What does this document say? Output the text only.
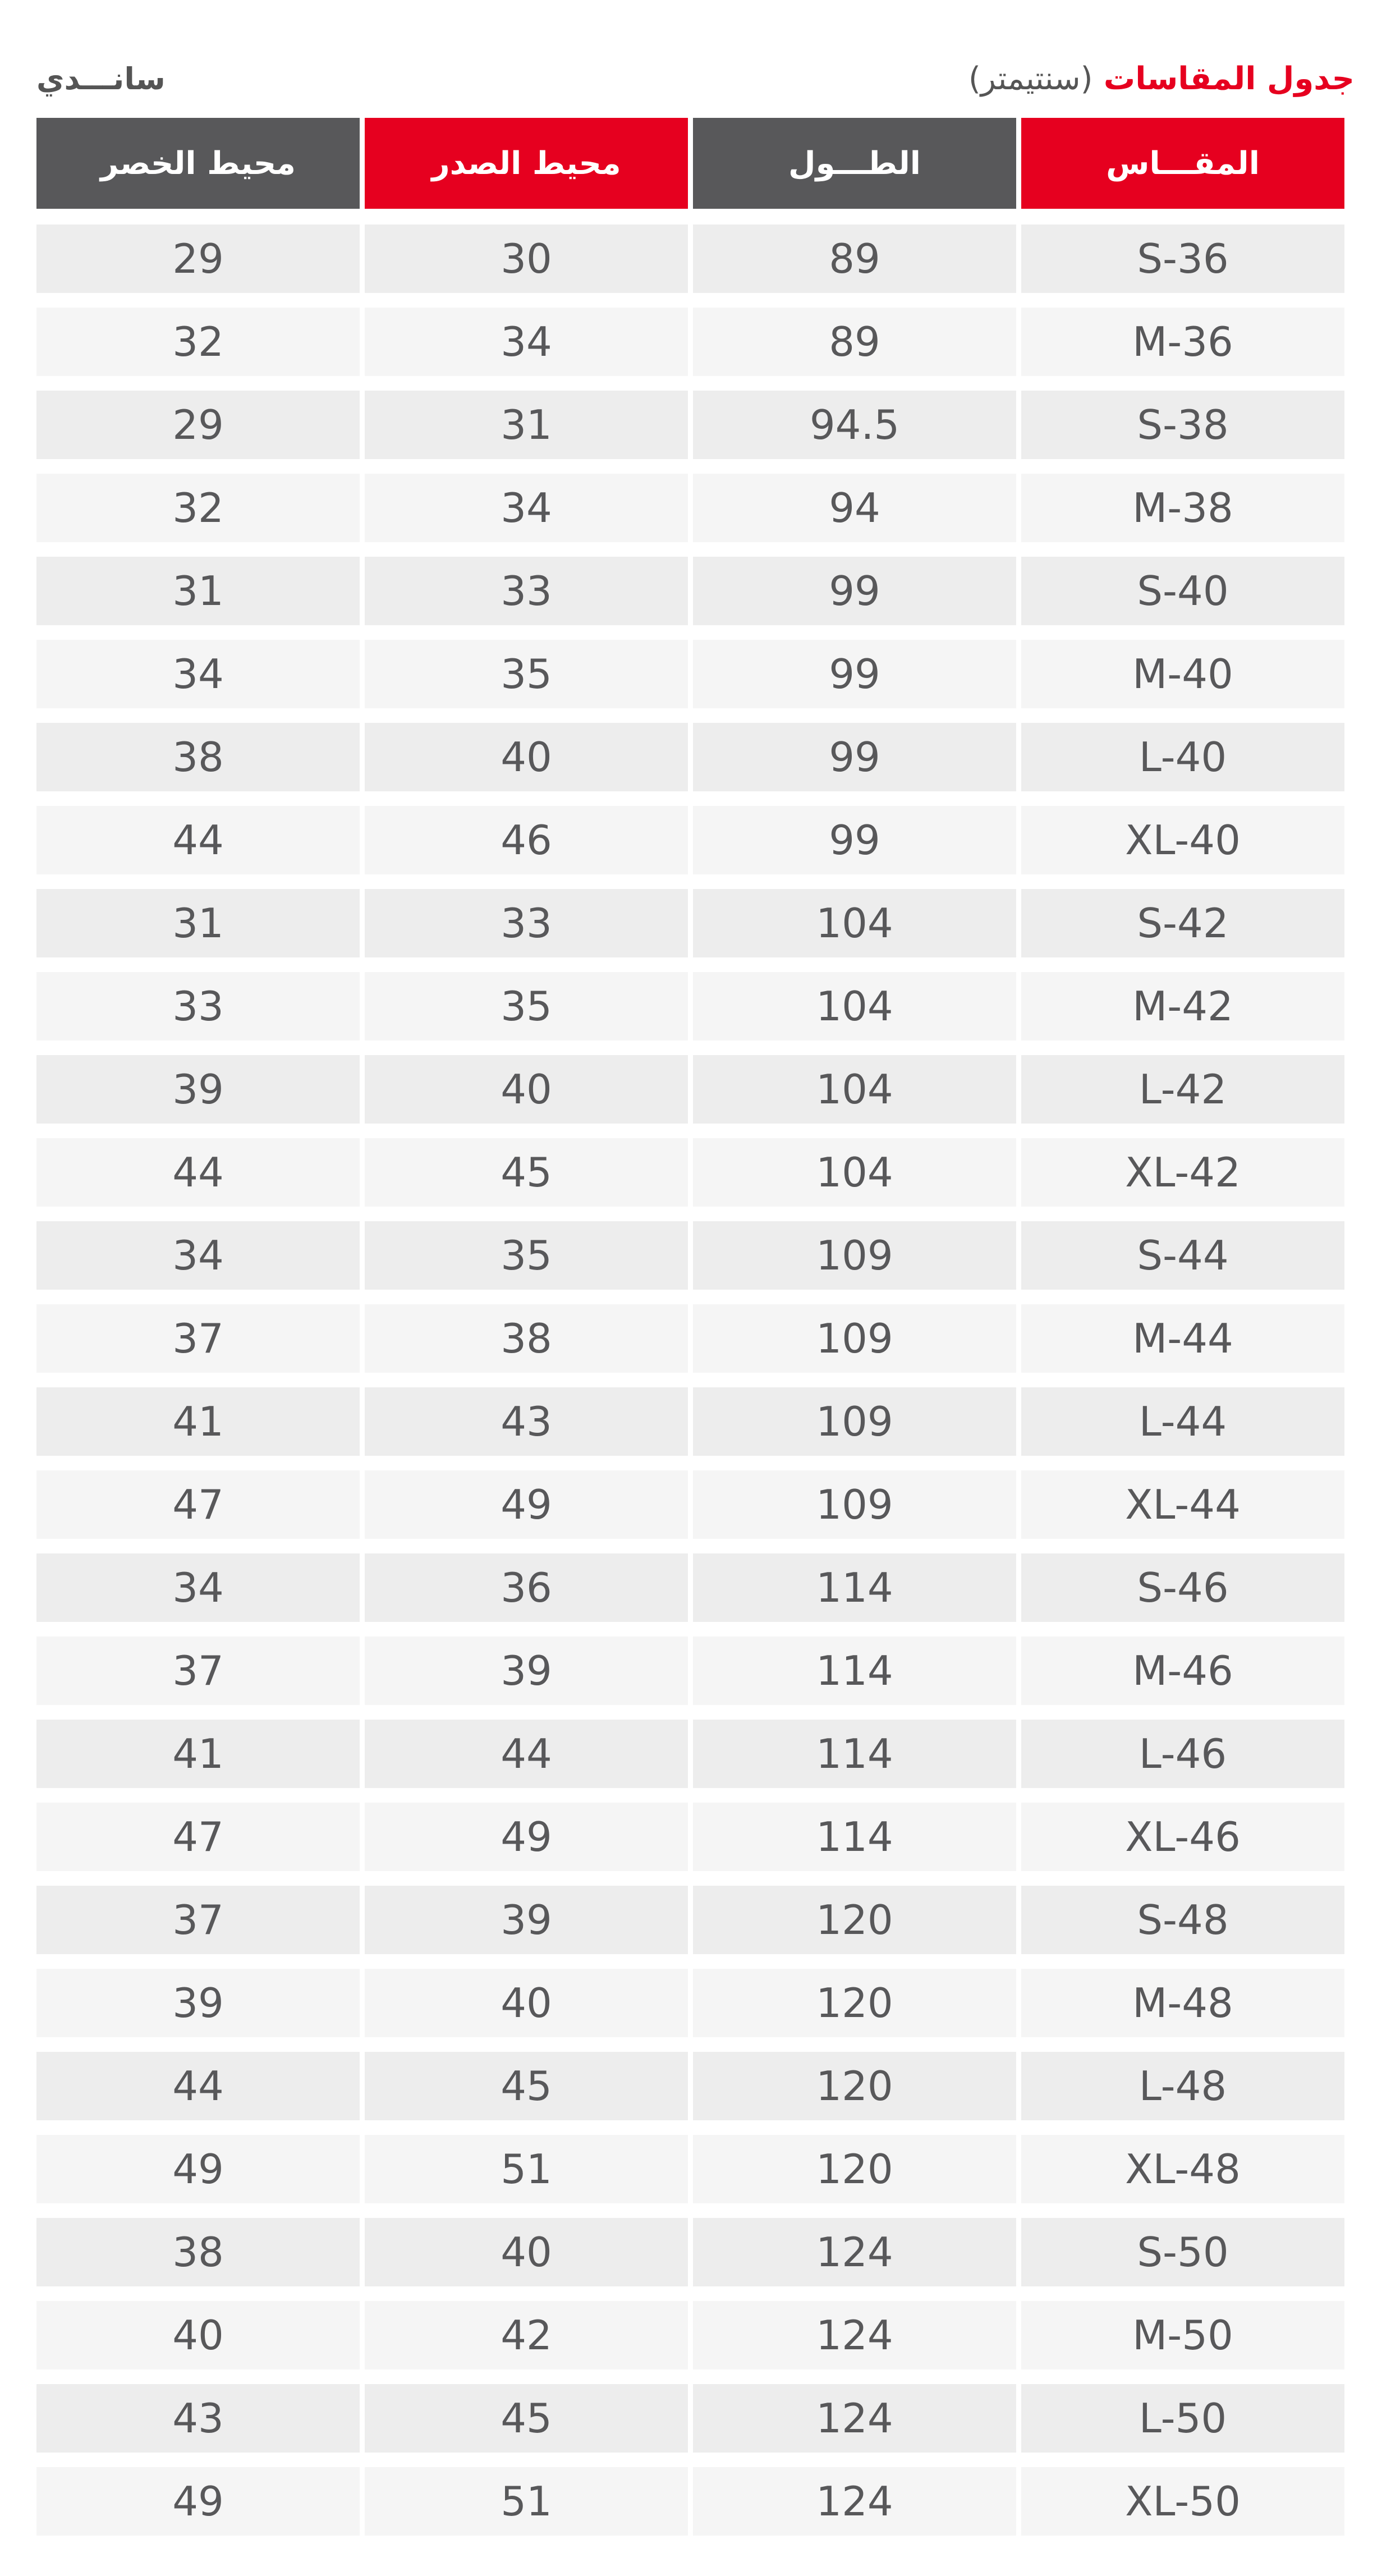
سانـــدي	جدول المقاسات (سنتيمتر)
محيط الخصر	محيط الصدر	الطـــول	المقـــاس

29	30	89	S-36
32	34	89	M-36
29	31	94.5	S-38
32	34	94	M-38
31	33	99	S-40
34	35	99	M-40
38	40	99	L-40
44	46	99	XL-40
31	33	104	S-42
33	35	104	M-42
39	40	104	L-42
44	45	104	XL-42
34	35	109	S-44
37	38	109	M-44
41	43	109	L-44
47	49	109	XL-44
34	36	114	S-46
37	39	114	M-46
41	44	114	L-46
47	49	114	XL-46
37	39	120	S-48
39	40	120	M-48
44	45	120	L-48
49	51	120	XL-48
38	40	124	S-50
40	42	124	M-50
43	45	124	L-50
49	51	124	XL-50
